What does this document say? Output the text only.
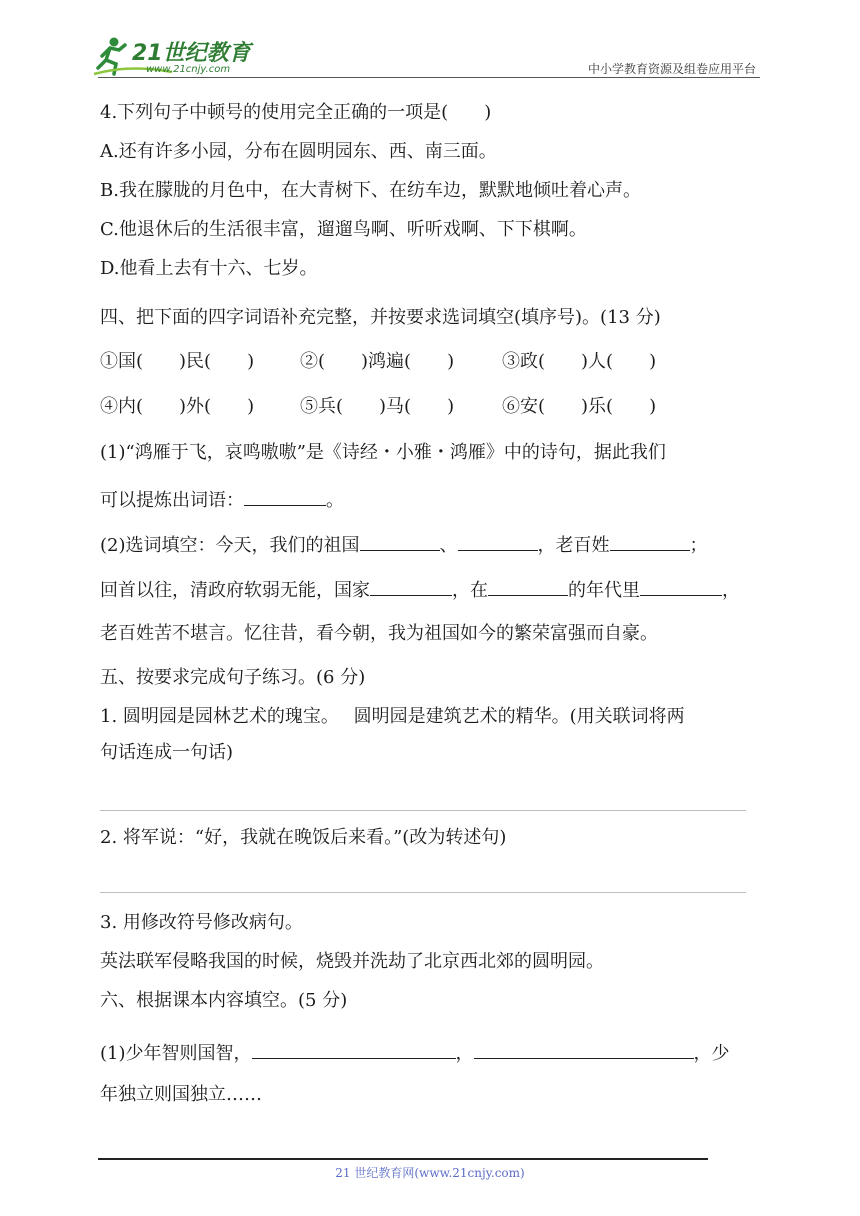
21世纪教育
www.21cnjy.com	中小学教育资源及组卷应用平台
4.下列句子中顿号的使用完全正确的一项是(　　)
A.还有许多小园，分布在圆明园东、西、南三面。
B.我在朦胧的月色中，在大青树下、在纺车边，默默地倾吐着心声。
C.他退休后的生活很丰富，遛遛鸟啊、听听戏啊、下下棋啊。
D.他看上去有十六、七岁。
四、把下面的四字词语补充完整，并按要求选词填空(填序号)。(13 分)
①国(　　)民(　　)	②(　　)鸿遍(　　)	③政(　　)人(　　)
④内(　　)外(　　)	⑤兵(　　)马(　　)	⑥安(　　)乐(　　)
(1)“鸿雁于飞，哀鸣嗷嗷”是《诗经・小雅・鸿雁》中的诗句，据此我们
可以提炼出词语：	。
(2)选词填空：今天，我们的祖国	、	，老百姓	；
回首以往，清政府软弱无能，国家	，在	的年代里	，
老百姓苦不堪言。忆往昔，看今朝，我为祖国如今的繁荣富强而自豪。
五、按要求完成句子练习。(6 分)
1. 圆明园是园林艺术的瑰宝。　 圆明园是建筑艺术的精华。(用关联词将两
句话连成一句话)
2. 将军说：“好，我就在晚饭后来看。”(改为转述句)
3. 用修改符号修改病句。
英法联军侵略我国的时候，烧毁并洗劫了北京西北郊的圆明园。
六、根据课本内容填空。(5 分)
(1)少年智则国智，	，	，少
年独立则国独立……
21 世纪教育网(www.21cnjy.com)
